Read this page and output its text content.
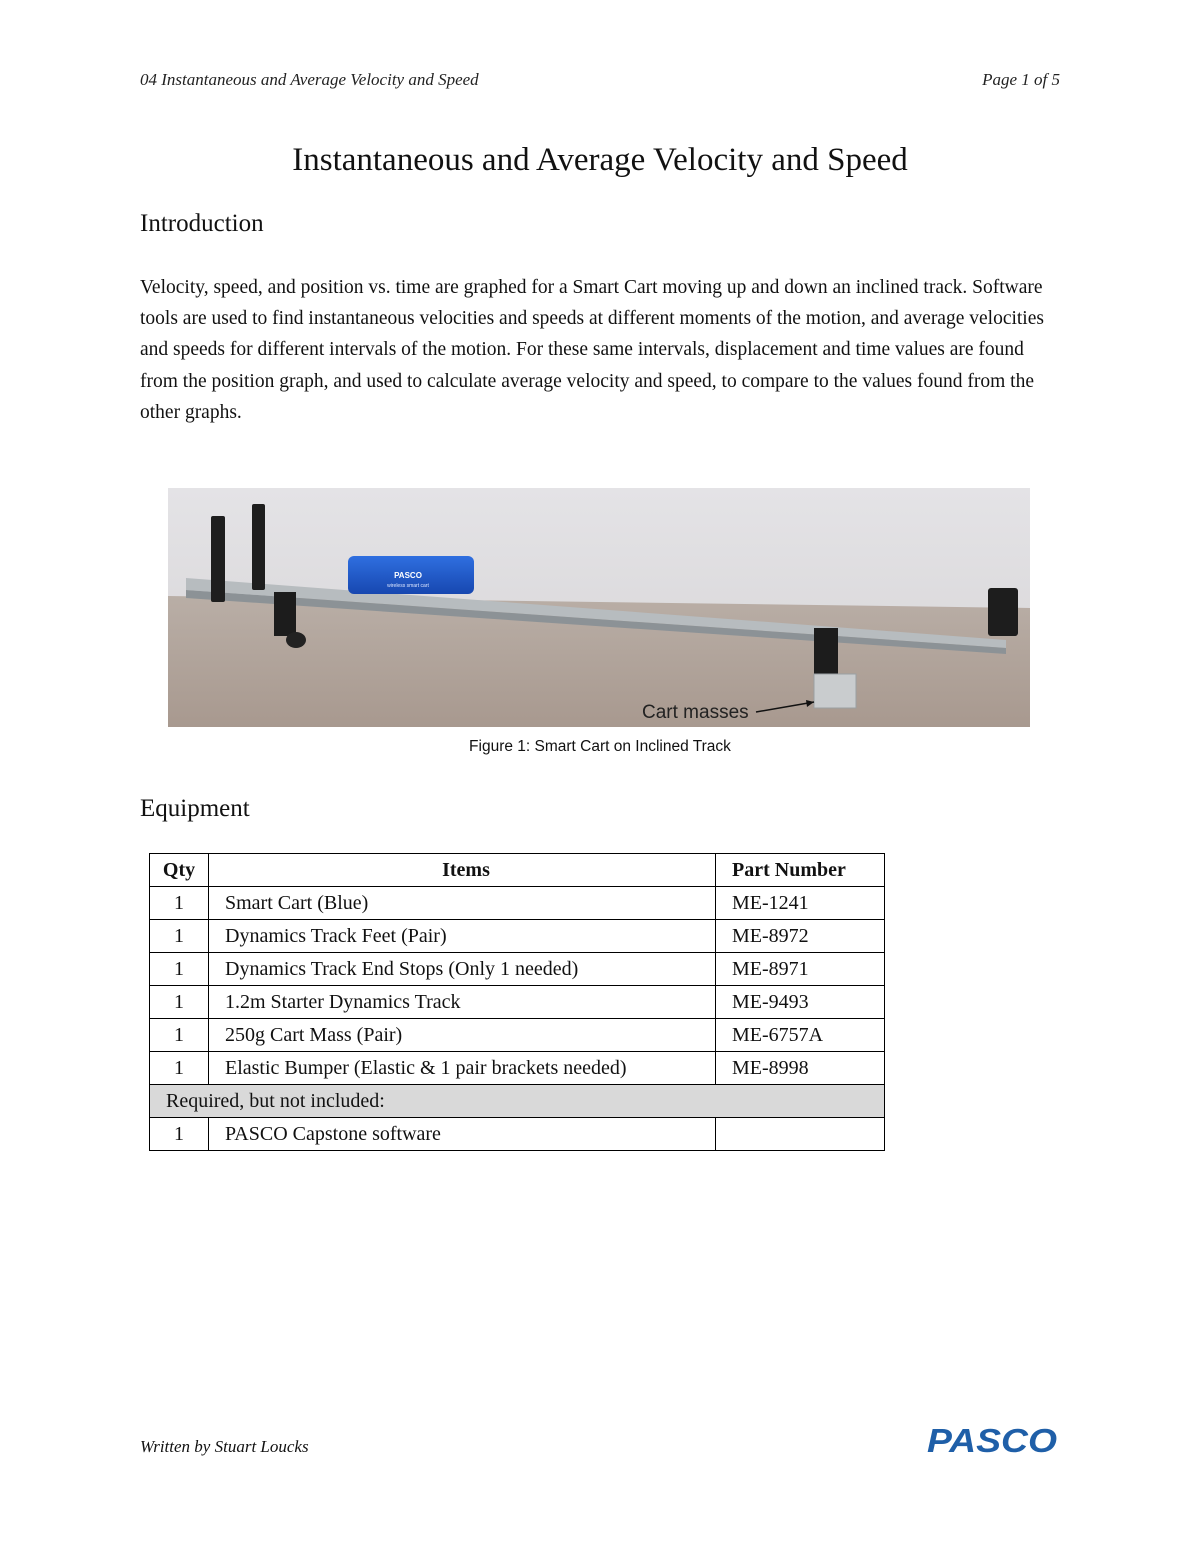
04 Instantaneous and Average Velocity and Speed	Page 1 of 5
Instantaneous and Average Velocity and Speed
Introduction
Velocity, speed, and position vs. time are graphed for a Smart Cart moving up and down an inclined track. Software tools are used to find instantaneous velocities and speeds at different moments of the motion, and average velocities and speeds for different intervals of the motion. For these same intervals, displacement and time values are found from the position graph, and used to calculate average velocity and speed, to compare to the values found from the other graphs.
PASCO
wireless smart cart
Cart masses
Figure 1: Smart Cart on Inclined Track
Equipment
Qty	Items	Part Number
1	Smart Cart (Blue)	ME-1241
1	Dynamics Track Feet (Pair)	ME-8972
1	Dynamics Track End Stops (Only 1 needed)	ME-8971
1	1.2m Starter Dynamics Track	ME-9493
1	250g Cart Mass (Pair)	ME-6757A
1	Elastic Bumper (Elastic & 1 pair brackets needed)	ME-8998
Required, but not included:		
1	PASCO Capstone software	
Written by Stuart Loucks	PASCO
